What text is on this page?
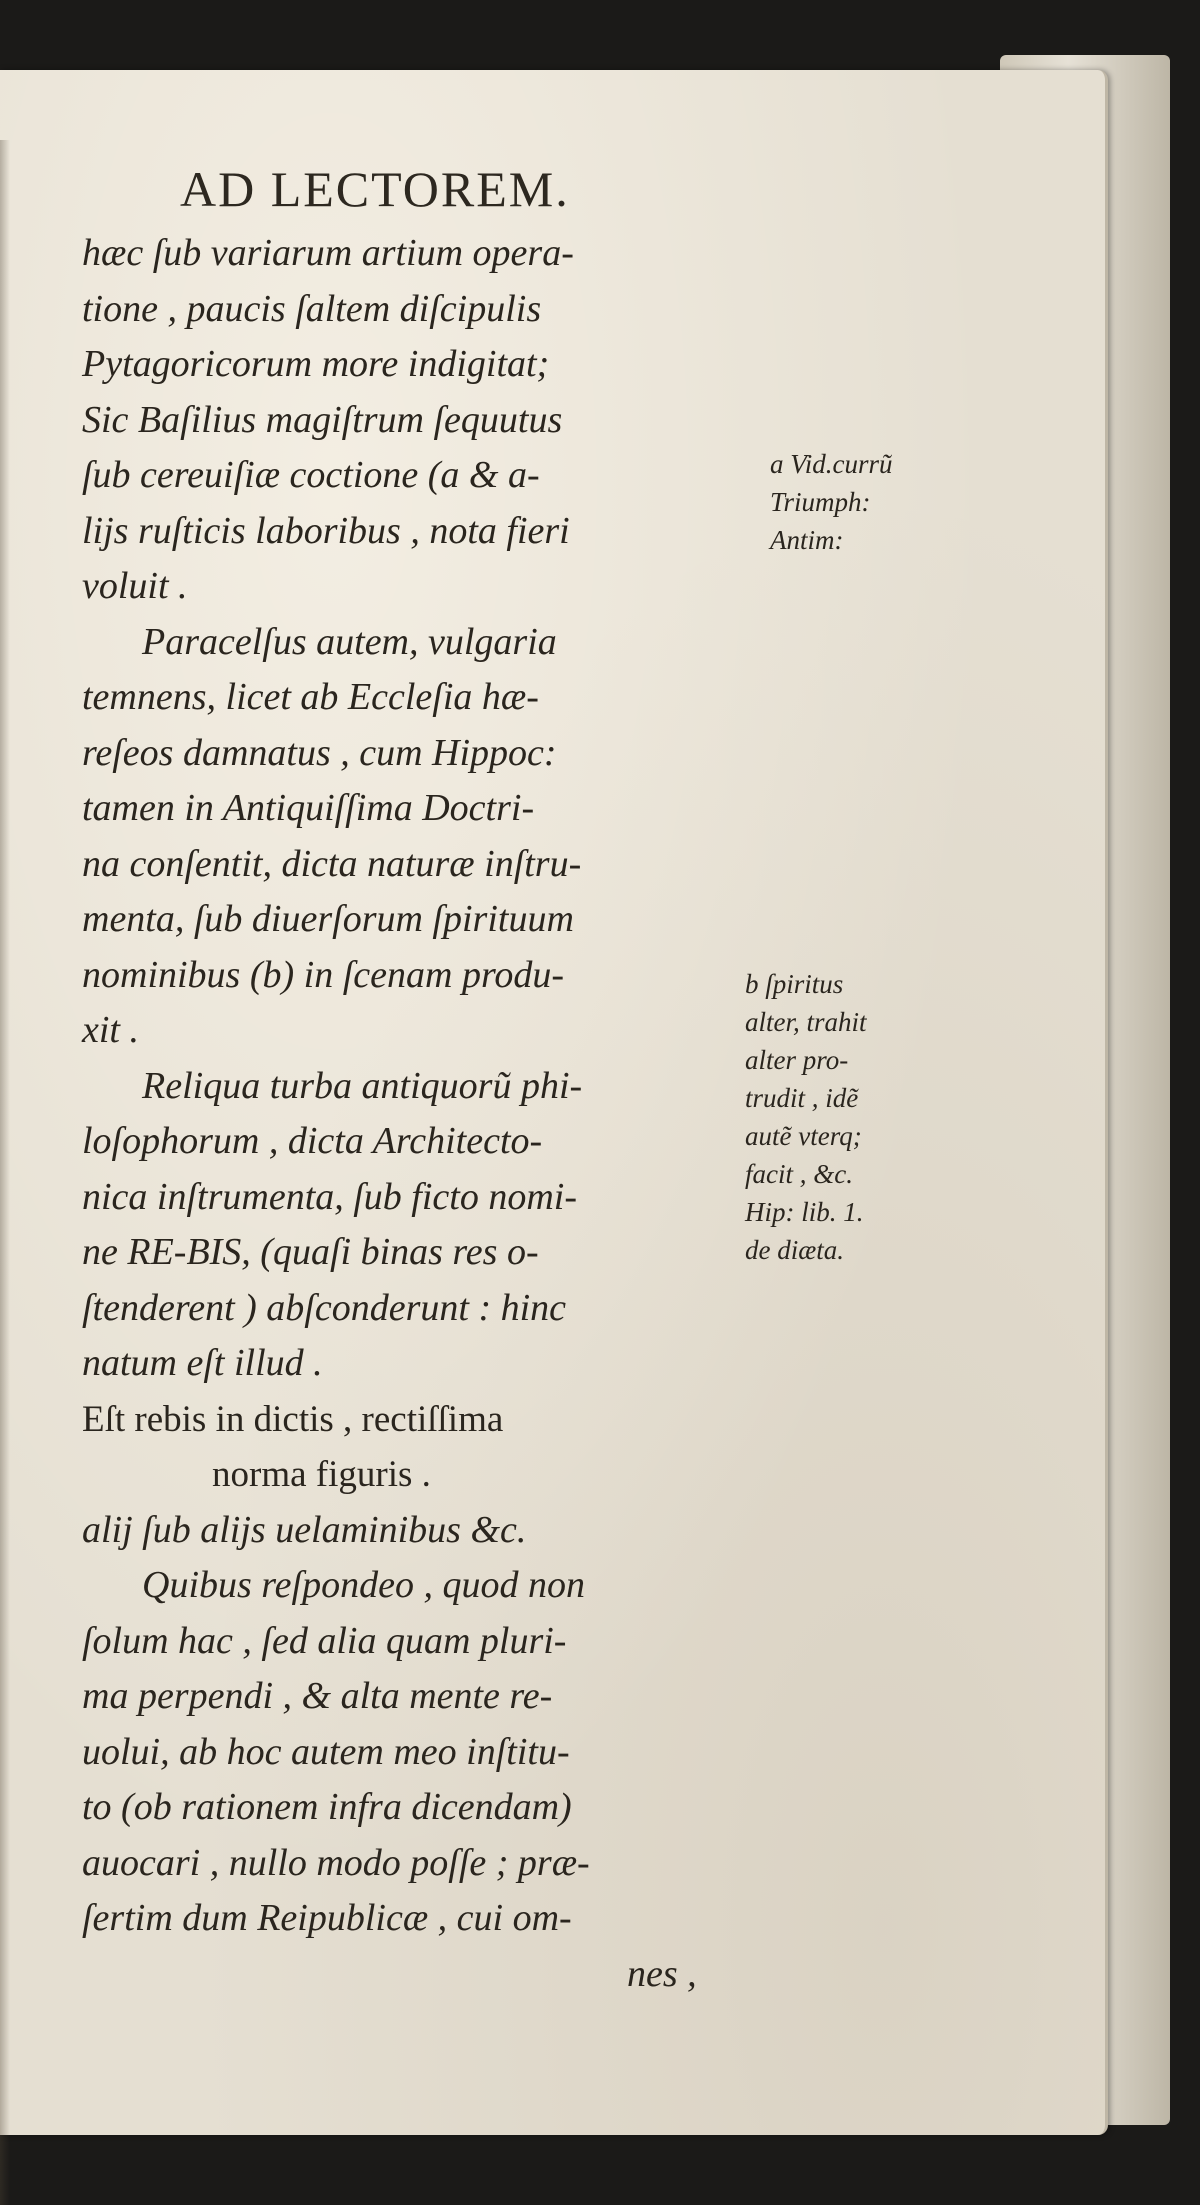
AD LECTOREM.
hæc ſub variarum artium opera-
tione , paucis ſaltem diſcipulis
Pytagoricorum more indigitat;
Sic Baſilius magiſtrum ſequutus
ſub cereuiſiæ coctione (a & a-
lijs ruſticis laboribus , nota fieri
voluit .
Paracelſus autem, vulgaria
temnens, licet ab Eccleſia hæ-
reſeos damnatus , cum Hippoc:
tamen in Antiquiſſima Doctri-
na conſentit, dicta naturæ inſtru-
menta, ſub diuerſorum ſpirituum
nominibus (b) in ſcenam produ-
xit .
Reliqua turba antiquorũ phi-
loſophorum , dicta Architecto-
nica inſtrumenta, ſub ficto nomi-
ne RE-BIS, (quaſi binas res o-
ſtenderent ) abſconderunt : hinc
natum eſt illud .
Eſt rebis in dictis , rectiſſima
norma figuris .
alij ſub alijs uelaminibus &c.
Quibus reſpondeo , quod non
ſolum hac , ſed alia quam pluri-
ma perpendi , & alta mente re-
uolui, ab hoc autem meo inſtitu-
to (ob rationem infra dicendam)
auocari , nullo modo poſſe ; præ-
ſertim dum Reipublicæ , cui om-
nes ,
a Vid.currũ
Triumph:
Antim:
b ſpiritus
alter, trahit
alter pro-
trudit , idẽ
autẽ vterq;
facit , &c.
Hip: lib. 1.
de diæta.
